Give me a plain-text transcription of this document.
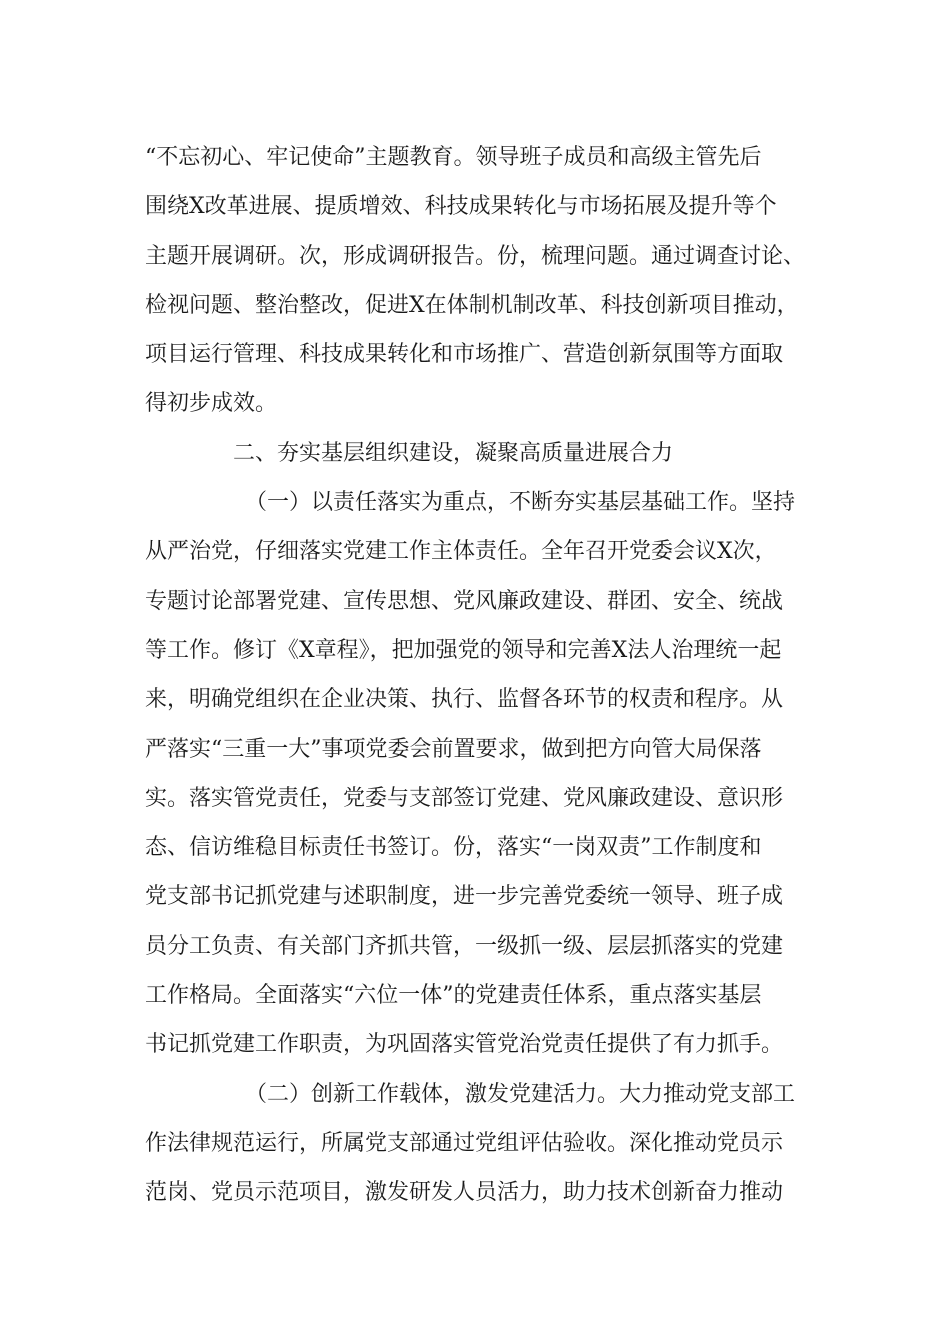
“不忘初心、牢记使命”主题教育。领导班子成员和高级主管先后
围绕X改革进展、提质增效、科技成果转化与市场拓展及提升等个
主题开展调研。次，形成调研报告。份，梳理问题。通过调查讨论、
检视问题、整治整改，促进X在体制机制改革、科技创新项目推动，
项目运行管理、科技成果转化和市场推广、营造创新氛围等方面取
得初步成效。
二、夯实基层组织建设，凝聚高质量进展合力
（一）以责任落实为重点，不断夯实基层基础工作。坚持
从严治党，仔细落实党建工作主体责任。全年召开党委会议X次，
专题讨论部署党建、宣传思想、党风廉政建设、群团、安全、统战
等工作。修订《X章程》，把加强党的领导和完善X法人治理统一起
来，明确党组织在企业决策、执行、监督各环节的权责和程序。从
严落实“三重一大”事项党委会前置要求，做到把方向管大局保落
实。落实管党责任，党委与支部签订党建、党风廉政建设、意识形
态、信访维稳目标责任书签订。份，落实“一岗双责”工作制度和
党支部书记抓党建与述职制度，进一步完善党委统一领导、班子成
员分工负责、有关部门齐抓共管，一级抓一级、层层抓落实的党建
工作格局。全面落实“六位一体”的党建责任体系，重点落实基层
书记抓党建工作职责，为巩固落实管党治党责任提供了有力抓手。
（二）创新工作载体，激发党建活力。大力推动党支部工
作法律规范运行，所属党支部通过党组评估验收。深化推动党员示
范岗、党员示范项目，激发研发人员活力，助力技术创新奋力推动
